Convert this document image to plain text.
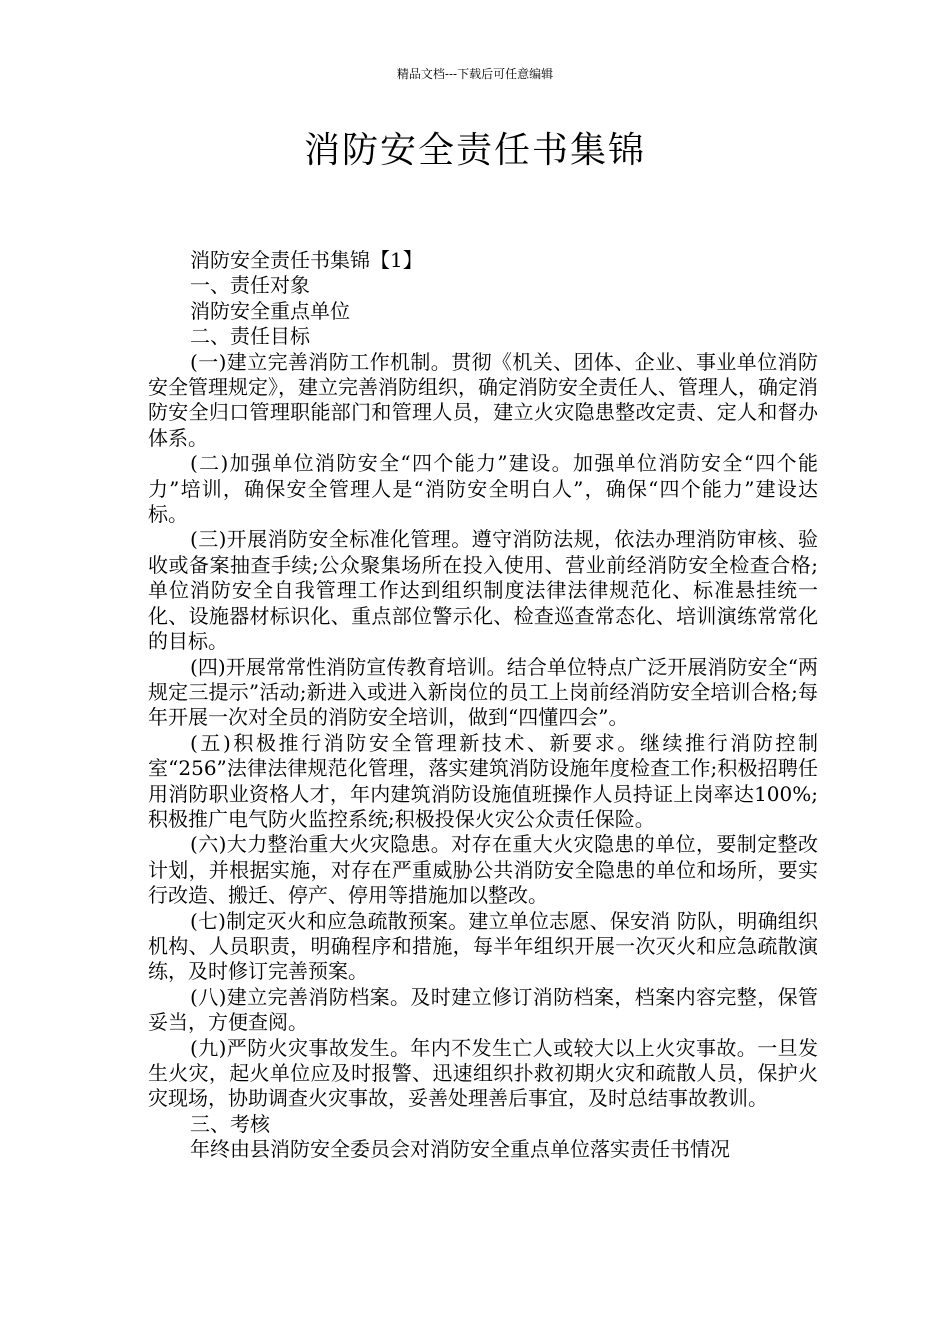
精品文档---下载后可任意编辑
消防安全责任书集锦

消防安全责任书集锦【1】

一、责任对象

消防安全重点单位

二、责任目标

(一)建立完善消防工作机制。贯彻《机关、团体、企业、事业单位消防安全管理规定》，建立完善消防组织，确定消防安全责任人、管理人，确定消防安全归口管理职能部门和管理人员，建立火灾隐患整改定责、定人和督办体系。

(二)加强单位消防安全“四个能力”建设。加强单位消防安全“四个能力”培训，确保安全管理人是“消防安全明白人”，确保“四个能力”建设达标。

(三)开展消防安全标准化管理。遵守消防法规，依法办理消防审核、验收或备案抽查手续;公众聚集场所在投入使用、营业前经消防安全检查合格;单位消防安全自我管理工作达到组织制度法律法律规范化、标准悬挂统一化、设施器材标识化、重点部位警示化、检查巡查常态化、培训演练常常化的目标。

(四)开展常常性消防宣传教育培训。结合单位特点广泛开展消防安全“两规定三提示”活动;新进入或进入新岗位的员工上岗前经消防安全培训合格;每年开展一次对全员的消防安全培训，做到“四懂四会”。

(五)积极推行消防安全管理新技术、新要求。继续推行消防控制室“256”法律法律规范化管理，落实建筑消防设施年度检查工作;积极招聘任用消防职业资格人才，年内建筑消防设施值班操作人员持证上岗率达100%;积极推广电气防火监控系统;积极投保火灾公众责任保险。

(六)大力整治重大火灾隐患。对存在重大火灾隐患的单位，要制定整改计划，并根据实施，对存在严重威胁公共消防安全隐患的单位和场所，要实行改造、搬迁、停产、停用等措施加以整改。

(七)制定灭火和应急疏散预案。建立单位志愿、保安消 防队，明确组织机构、人员职责，明确程序和措施，每半年组织开展一次灭火和应急疏散演练，及时修订完善预案。

(八)建立完善消防档案。及时建立修订消防档案，档案内容完整，保管妥当，方便查阅。

(九)严防火灾事故发生。年内不发生亡人或较大以上火灾事故。一旦发生火灾，起火单位应及时报警、迅速组织扑救初期火灾和疏散人员，保护火灾现场，协助调查火灾事故，妥善处理善后事宜，及时总结事故教训。

三、考核

年终由县消防安全委员会对消防安全重点单位落实责任书情况
